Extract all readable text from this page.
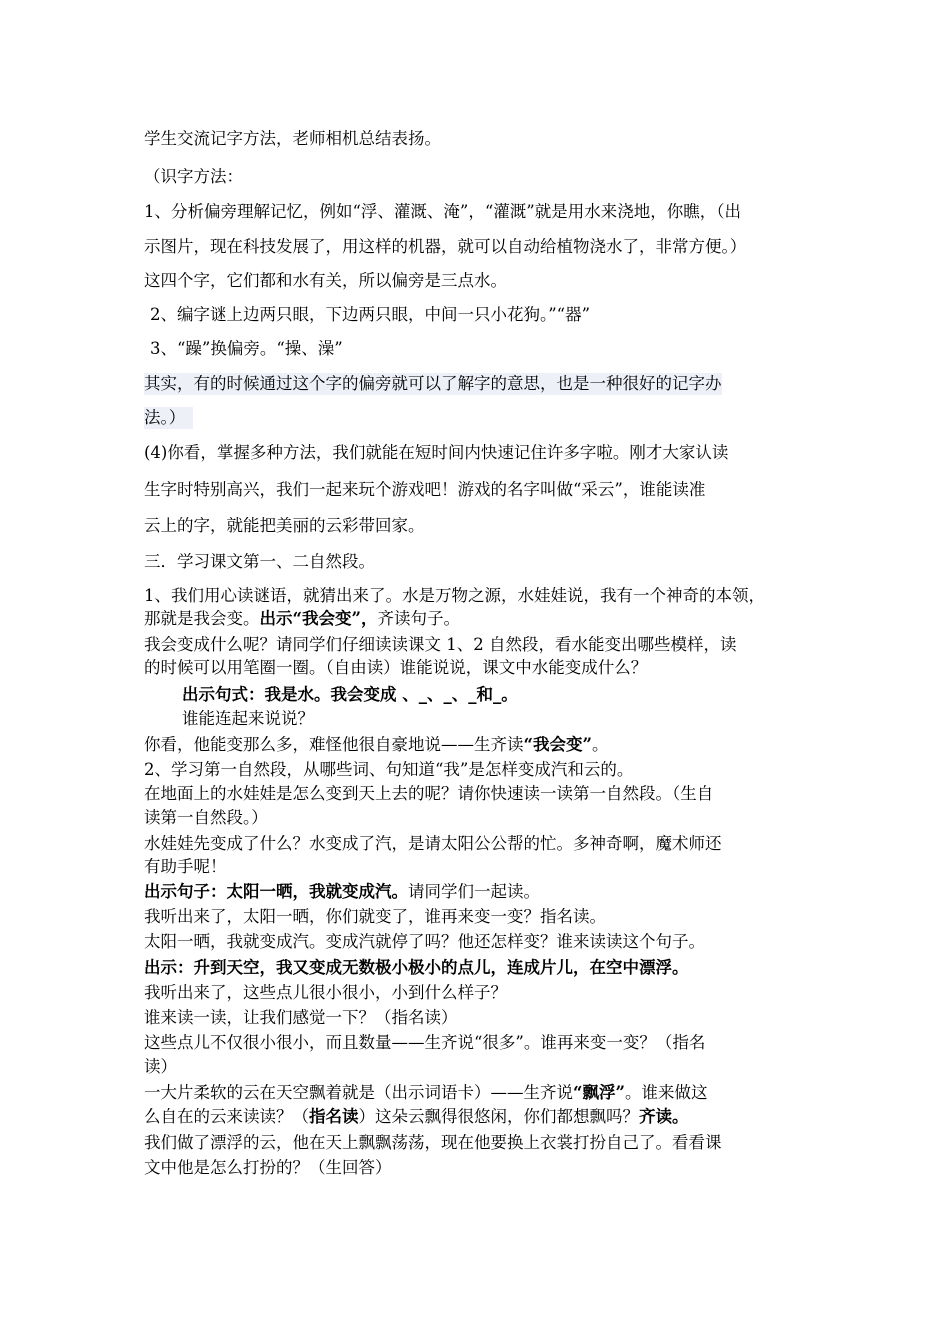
学生交流记字方法，老师相机总结表扬。

（识字方法：

1、分析偏旁理解记忆，例如“浮、灌溉、淹”，“灌溉”就是用水来浇地，你瞧，（出

示图片，现在科技发展了，用这样的机器，就可以自动给植物浇水了，非常方便。）

这四个字，它们都和水有关，所以偏旁是三点水。

2、编字谜上边两只眼，下边两只眼，中间一只小花狗。”“器”

3、“躁”换偏旁。“操、澡”

其实，有的时候通过这个字的偏旁就可以了解字的意思，也是一种很好的记字办

法。）

(4)你看，掌握多种方法，我们就能在短时间内快速记住许多字啦。刚才大家认读

生字时特别高兴，我们一起来玩个游戏吧！游戏的名字叫做“采云”，谁能读准

云上的字，就能把美丽的云彩带回家。

三．学习课文第一、二自然段。

1、我们用心读谜语，就猜出来了。水是万物之源，水娃娃说，我有一个神奇的本领，

那就是我会变。出示“我会变”，齐读句子。

我会变成什么呢？请同学们仔细读读课文 1、2 自然段，看水能变出哪些模样，读

的时候可以用笔圈一圈。（自由读）谁能说说，课文中水能变成什么？

出示句式：我是水。我会变成 、_、_、_和_。

谁能连起来说说？

你看，他能变那么多，难怪他很自豪地说——生齐读“我会变”。

2、学习第一自然段，从哪些词、句知道“我”是怎样变成汽和云的。

在地面上的水娃娃是怎么变到天上去的呢？请你快速读一读第一自然段。（生自

读第一自然段。）

水娃娃先变成了什么？水变成了汽，是请太阳公公帮的忙。多神奇啊，魔术师还

有助手呢！

出示句子：太阳一晒，我就变成汽。请同学们一起读。

我听出来了，太阳一晒，你们就变了，谁再来变一变？指名读。

太阳一晒，我就变成汽。变成汽就停了吗？他还怎样变？谁来读读这个句子。

出示：升到天空，我又变成无数极小极小的点儿，连成片儿，在空中漂浮。

我听出来了，这些点儿很小很小，小到什么样子？

谁来读一读，让我们感觉一下？（指名读）

这些点儿不仅很小很小，而且数量——生齐说“很多”。谁再来变一变？（指名

读）

一大片柔软的云在天空飘着就是（出示词语卡）——生齐说“飘浮”。谁来做这

么自在的云来读读？（指名读）这朵云飘得很悠闲，你们都想飘吗？齐读。

我们做了漂浮的云，他在天上飘飘荡荡，现在他要换上衣裳打扮自己了。看看课

文中他是怎么打扮的？（生回答）
